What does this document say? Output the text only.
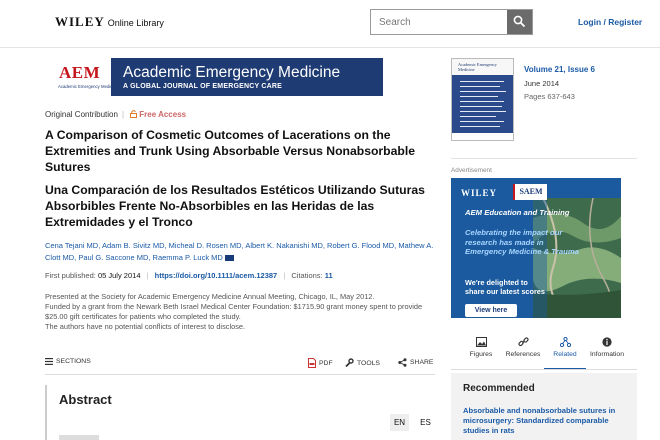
WILEY Online Library
Search	Login / Register
AEM
Academic Emergency Medicine
Academic Emergency Medicine
A GLOBAL JOURNAL OF EMERGENCY CARE
Original Contribution | Free Access
A Comparison of Cosmetic Outcomes of Lacerations on the Extremities and Trunk Using Absorbable Versus Nonabsorbable Sutures
Una Comparación de los Resultados Estéticos Utilizando Suturas Absorbibles Frente No-Absorbibles en las Heridas de las Extremidades y el Tronco
Cena Tejani MD, Adam B. Sivitz MD, Micheal D. Rosen MD, Albert K. Nakanishi MD, Robert G. Flood MD, Mathew A. Clott MD, Paul G. Saccone MD, Raemma P. Luck MD
First published: 05 July 2014 | https://doi.org/10.1111/acem.12387 | Citations: 11

Presented at the Society for Academic Emergency Medicine Annual Meeting, Chicago, IL, May 2012.

Funded by a grant from the Newark Beth Israel Medical Center Foundation: $1715.90 grant money spent to provide $25.00 gift certificates for patients who completed the study.

The authors have no potential conflicts of interest to disclose.

SECTIONS	PDF	TOOLS	SHARE
Abstract
EN	ES
Academic Emergency Medicine	Volume 21, Issue 6
June 2014
Pages 637-643
Advertisement
WILEY	SAEM
AEM Education and Training
Celebrating the impact our research has made in Emergency Medicine & Trauma
We're delighted to share our latest scores
View here
Figures	References	Related	Information
Recommended
Absorbable and nonabsorbable sutures in microsurgery: Standardized comparable studies in rats
